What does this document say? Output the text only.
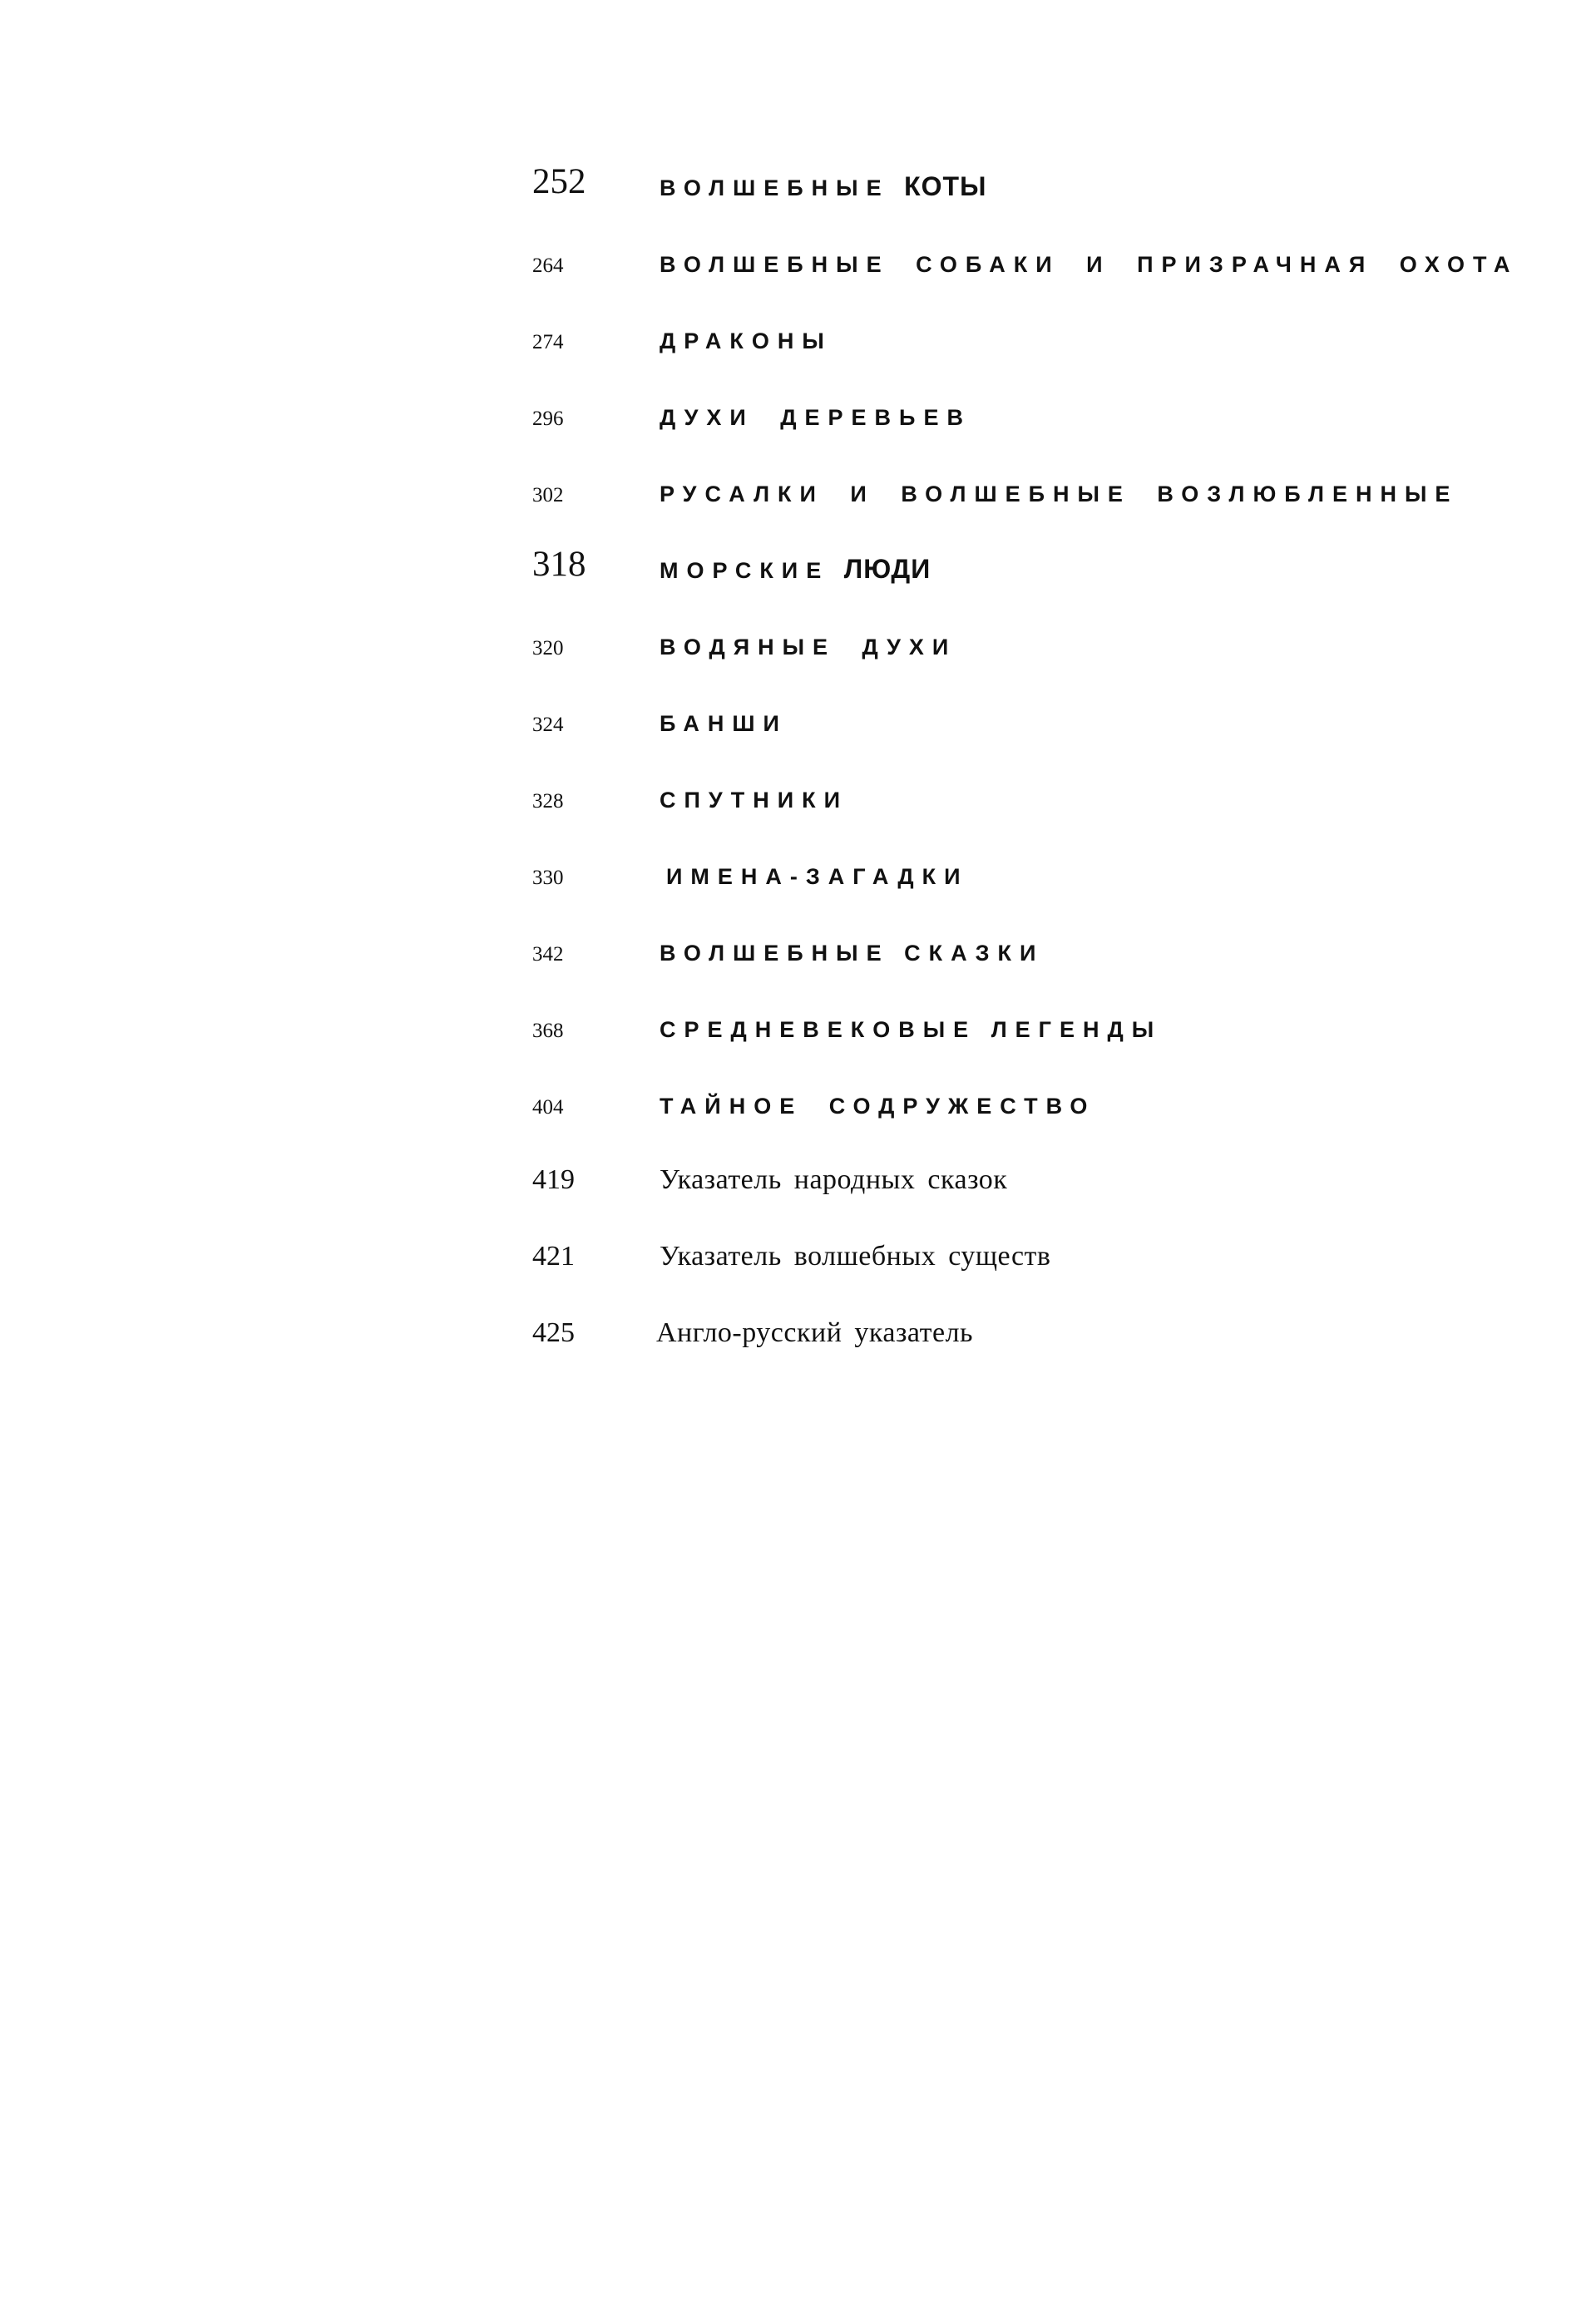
252	ВОЛШЕБНЫЕ КОТЫ
264	ВОЛШЕБНЫЕ СОБАКИ И ПРИЗРАЧНАЯ ОХОТА
274	ДРАКОНЫ
296	ДУХИ ДЕРЕВЬЕВ
302	РУСАЛКИ И ВОЛШЕБНЫЕ ВОЗЛЮБЛЕННЫЕ
318	МОРСКИЕ ЛЮДИ
320	ВОДЯНЫЕ ДУХИ
324	БАНШИ
328	СПУТНИКИ
330	ИМЕНА-ЗАГАДКИ
342	ВОЛШЕБНЫЕ СКАЗКИ
368	СРЕДНЕВЕКОВЫЕ ЛЕГЕНДЫ
404	ТАЙНОЕ СОДРУЖЕСТВО
419	Указатель народных сказок
421	Указатель волшебных существ
425	Англо-русский указатель
